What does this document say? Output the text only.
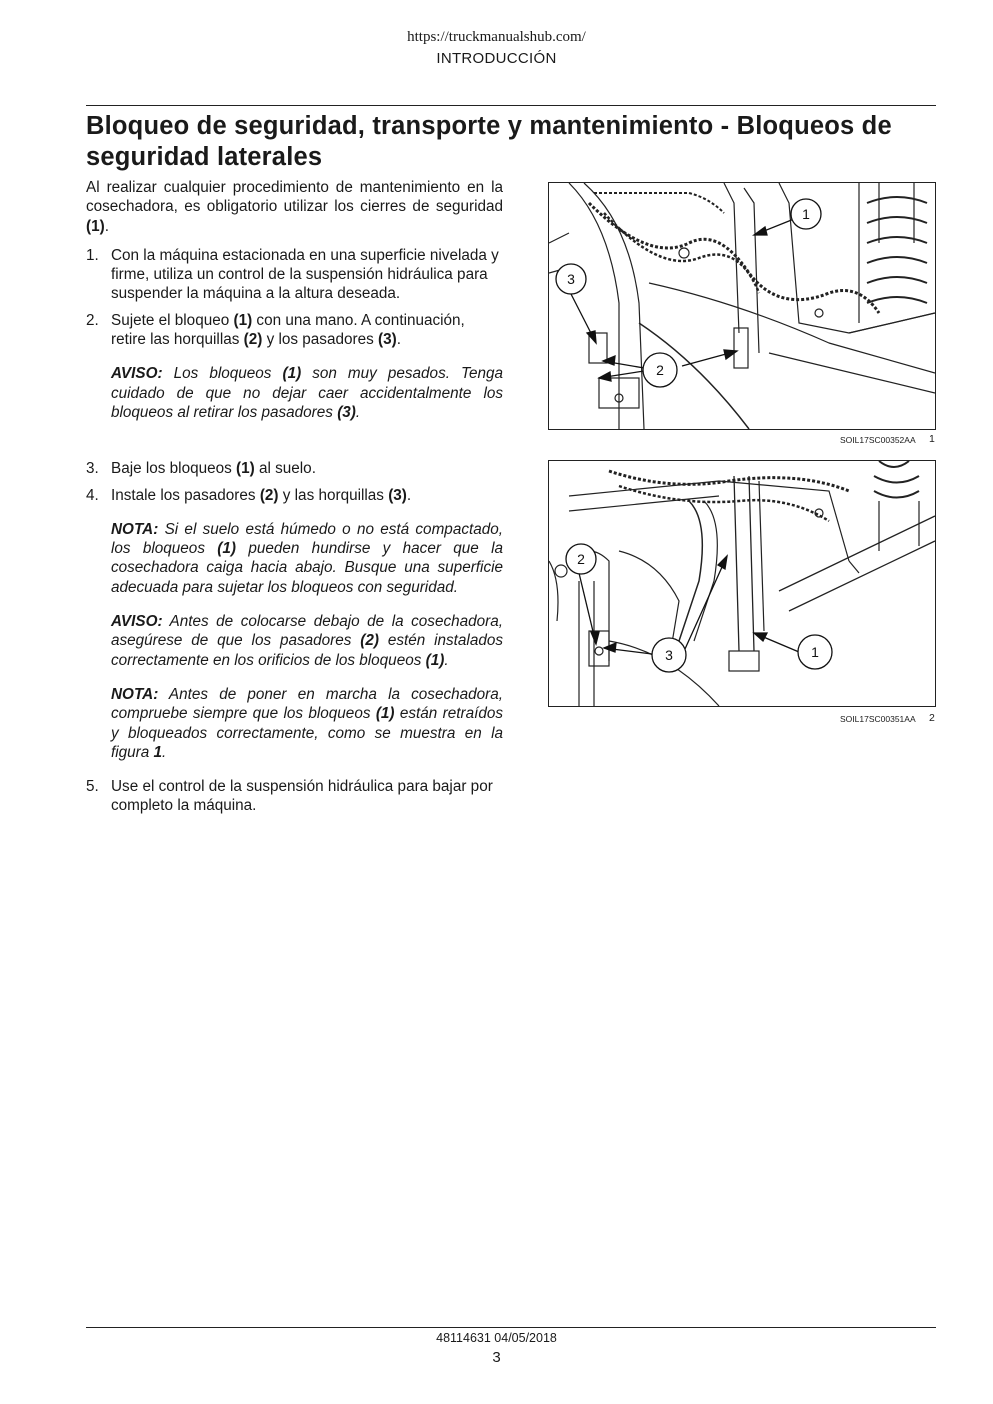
https://truckmanualshub.com/
INTRODUCCIÓN
Bloqueo de seguridad, transporte y mantenimiento - Bloqueos de seguridad laterales

Al realizar cualquier procedimiento de mantenimiento en la cosechadora, es obligatorio utilizar los cierres de seguridad (1).

1. Con la máquina estacionada en una superficie nivelada y firme, utiliza un control de la suspensión hidráulica para suspender la máquina a la altura deseada.
2. Sujete el bloqueo (1) con una mano. A continuación, retire las horquillas (2) y los pasadores (3).

AVISO: Los bloqueos (1) son muy pesados. Tenga cuidado de que no dejar caer accidentalmente los bloqueos al retirar los pasadores (3).

3. Baje los bloqueos (1) al suelo.
4. Instale los pasadores (2) y las horquillas (3).

NOTA: Si el suelo está húmedo o no está compactado, los bloqueos (1) pueden hundirse y hacer que la cosechadora caiga hacia abajo. Busque una superficie adecuada para sujetar los bloqueos con seguridad.

AVISO: Antes de colocarse debajo de la cosechadora, asegúrese de que los pasadores (2) estén instalados correctamente en los orificios de los bloqueos (1).

NOTA: Antes de poner en marcha la cosechadora, compruebe siempre que los bloqueos (1) están retraídos y bloqueados correctamente, como se muestra en la figura 1.

5. Use el control de la suspensión hidráulica para bajar por completo la máquina.
1
3
2
SOIL17SC00352AA 1
1
2
3
SOIL17SC00351AA 2
48114631 04/05/2018
3
